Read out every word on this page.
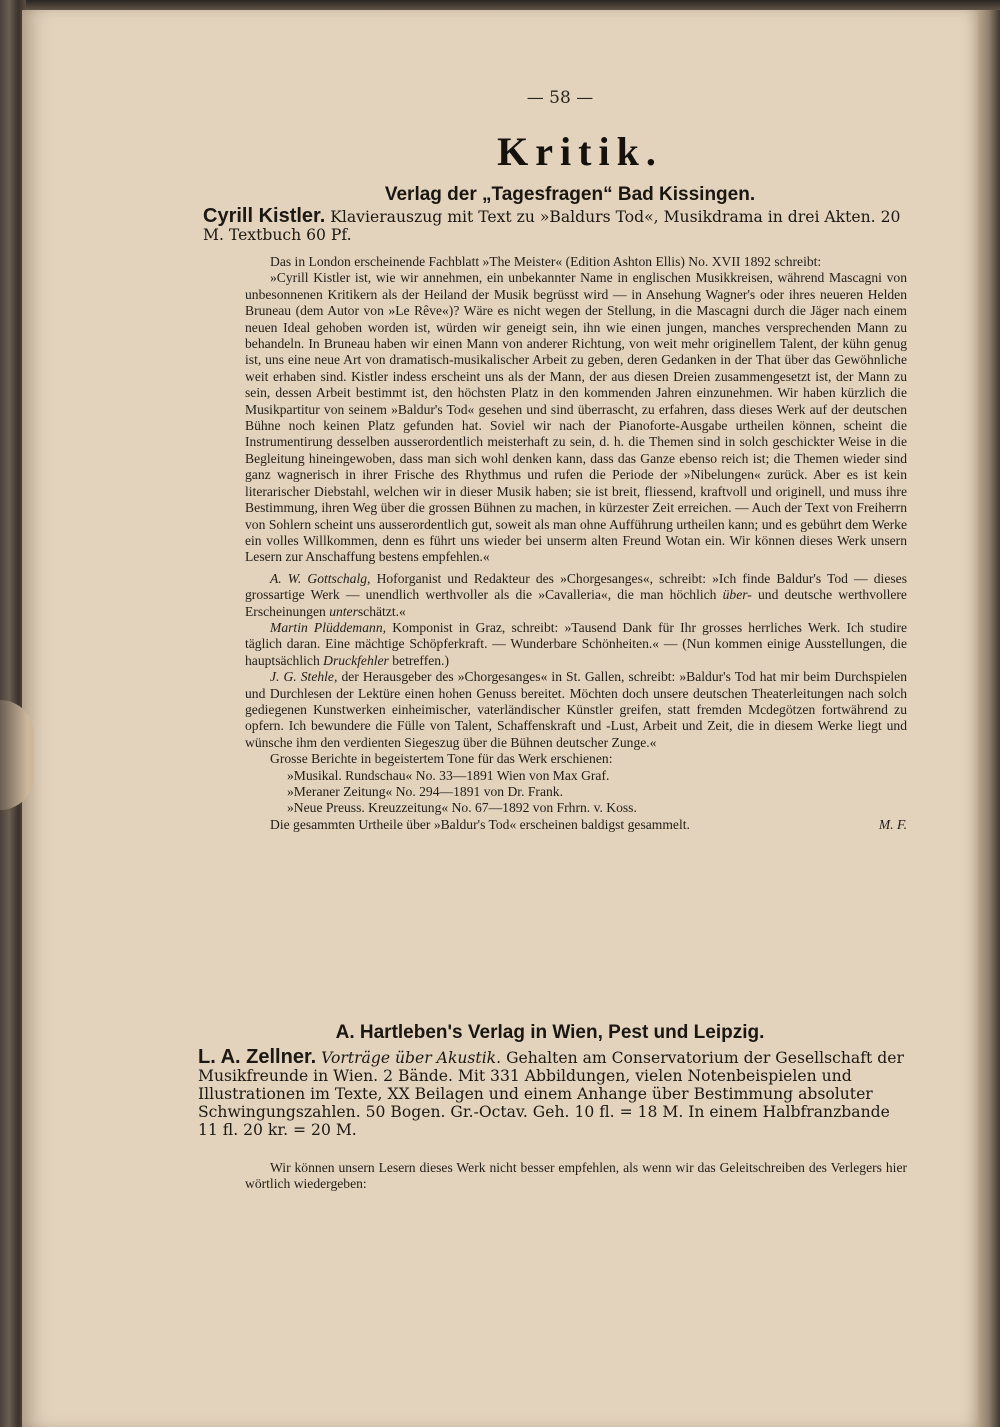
— 58 —
Kritik.
Verlag der „Tagesfragen“ Bad Kissingen.
Cyrill Kistler. Klavierauszug mit Text zu »Baldurs Tod«, Musikdrama in drei Akten. 20 M. Textbuch 60 Pf.

Das in London erscheinende Fachblatt »The Meister« (Edition Ashton Ellis) No. XVII 1892 schreibt:

»Cyrill Kistler ist, wie wir annehmen, ein unbekannter Name in englischen Musikkreisen, während Mascagni von unbesonnenen Kritikern als der Heiland der Musik begrüsst wird — in Ansehung Wagner's oder ihres neueren Helden Bruneau (dem Autor von »Le Rêve«)? Wäre es nicht wegen der Stellung, in die Mascagni durch die Jäger nach einem neuen Ideal gehoben worden ist, würden wir geneigt sein, ihn wie einen jungen, manches versprechenden Mann zu behandeln. In Bruneau haben wir einen Mann von anderer Richtung, von weit mehr originellem Talent, der kühn genug ist, uns eine neue Art von dramatisch-musikalischer Arbeit zu geben, deren Gedanken in der That über das Gewöhnliche weit erhaben sind. Kistler indess erscheint uns als der Mann, der aus diesen Dreien zusammengesetzt ist, der Mann zu sein, dessen Arbeit bestimmt ist, den höchsten Platz in den kommenden Jahren einzunehmen. Wir haben kürzlich die Musikpartitur von seinem »Baldur's Tod« gesehen und sind überrascht, zu erfahren, dass dieses Werk auf der deutschen Bühne noch keinen Platz gefunden hat. Soviel wir nach der Pianoforte-Ausgabe urtheilen können, scheint die Instrumentirung desselben ausserordentlich meisterhaft zu sein, d. h. die Themen sind in solch geschickter Weise in die Begleitung hineingewoben, dass man sich wohl denken kann, dass das Ganze ebenso reich ist; die Themen wieder sind ganz wagnerisch in ihrer Frische des Rhythmus und rufen die Periode der »Nibelungen« zurück. Aber es ist kein literarischer Diebstahl, welchen wir in dieser Musik haben; sie ist breit, fliessend, kraftvoll und originell, und muss ihre Bestimmung, ihren Weg über die grossen Bühnen zu machen, in kürzester Zeit erreichen. — Auch der Text von Freiherrn von Sohlern scheint uns ausserordentlich gut, soweit als man ohne Aufführung urtheilen kann; und es gebührt dem Werke ein volles Willkommen, denn es führt uns wieder bei unserm alten Freund Wotan ein. Wir können dieses Werk unsern Lesern zur Anschaffung bestens empfehlen.«

A. W. Gottschalg, Hoforganist und Redakteur des »Chorgesanges«, schreibt: »Ich finde Baldur's Tod — dieses grossartige Werk — unendlich werthvoller als die »Cavalleria«, die man höchlich über- und deutsche werthvollere Erscheinungen unterschätzt.«

Martin Plüddemann, Komponist in Graz, schreibt: »Tausend Dank für Ihr grosses herrliches Werk. Ich studire täglich daran. Eine mächtige Schöpferkraft. — Wunderbare Schönheiten.« — (Nun kommen einige Ausstellungen, die hauptsächlich Druckfehler betreffen.)

J. G. Stehle, der Herausgeber des »Chorgesanges« in St. Gallen, schreibt: »Baldur's Tod hat mir beim Durchspielen und Durchlesen der Lektüre einen hohen Genuss bereitet. Möchten doch unsere deutschen Theaterleitungen nach solch gediegenen Kunstwerken einheimischer, vaterländischer Künstler greifen, statt fremden Mcdegötzen fortwährend zu opfern. Ich bewundere die Fülle von Talent, Schaffenskraft und -Lust, Arbeit und Zeit, die in diesem Werke liegt und wünsche ihm den verdienten Siegeszug über die Bühnen deutscher Zunge.«

Grosse Berichte in begeistertem Tone für das Werk erschienen:

»Musikal. Rundschau« No. 33—1891 Wien von Max Graf.

»Meraner Zeitung« No. 294—1891 von Dr. Frank.

»Neue Preuss. Kreuzzeitung« No. 67—1892 von Frhrn. v. Koss.

Die gesammten Urtheile über »Baldur's Tod« erscheinen baldigst gesammelt.	M. F.

A. Hartleben's Verlag in Wien, Pest und Leipzig.
L. A. Zellner. Vorträge über Akustik. Gehalten am Conservatorium der Gesellschaft der Musikfreunde in Wien. 2 Bände. Mit 331 Abbildungen, vielen Notenbeispielen und Illustrationen im Texte, XX Beilagen und einem Anhange über Bestimmung absoluter Schwingungszahlen. 50 Bogen. Gr.-Octav. Geh. 10 fl. = 18 M. In einem Halbfranzbande 11 fl. 20 kr. = 20 M.

Wir können unsern Lesern dieses Werk nicht besser empfehlen, als wenn wir das Geleitschreiben des Verlegers hier wörtlich wiedergeben:
